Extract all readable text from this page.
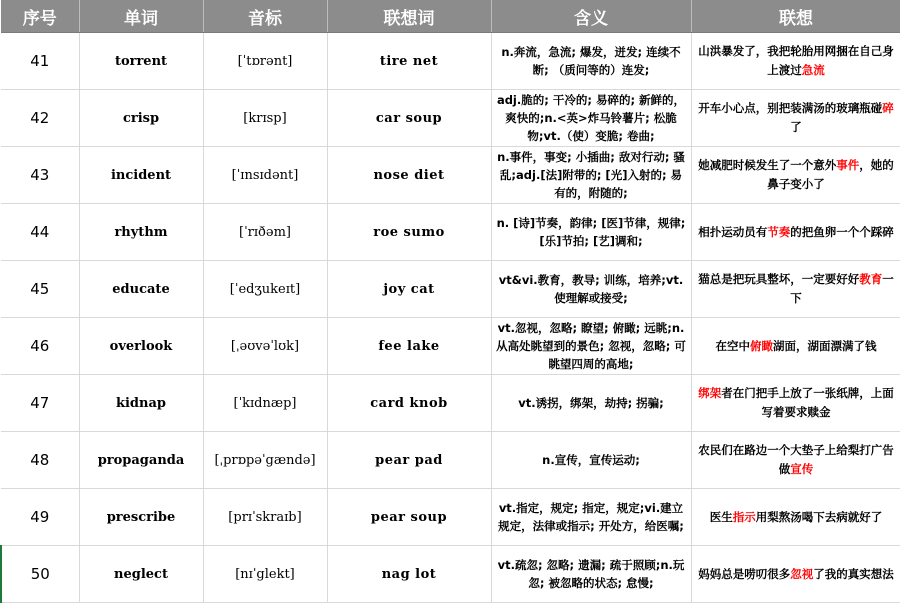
序号	单词	音标	联想词	含义	联想
41	torrent	[ˈtɒrənt]	tire net	n.奔流，急流; 爆发，迸发; 连续不断; （质问等的）连发;	山洪暴发了，我把轮胎用网捆在自己身上渡过急流
42	crisp	[krɪsp]	car soup	adj.脆的; 干冷的; 易碎的; 新鲜的，爽快的;n.<英>炸马铃薯片; 松脆物;vt.（使）变脆; 卷曲;	开车小心点，别把装满汤的玻璃瓶碰碎了
43	incident	[ˈɪnsɪdənt]	nose diet	n.事件，事变; 小插曲; 敌对行动; 骚乱;adj.[法]附带的; [光]入射的; 易有的，附随的;	她减肥时候发生了一个意外事件，她的鼻子变小了
44	rhythm	[ˈrɪðəm]	roe sumo	n. [诗]节奏，韵律; [医]节律，规律; [乐]节拍; [艺]调和;	相扑运动员有节奏的把鱼卵一个个踩碎
45	educate	[ˈedʒukeɪt]	joy cat	vt&vi.教育，教导; 训练，培养;vt.使理解或接受;	猫总是把玩具整坏，一定要好好教育一下
46	overlook	[ˌəʊvəˈlʊk]	fee lake	vt.忽视，忽略; 瞭望; 俯瞰; 远眺;n.从高处眺望到的景色; 忽视，忽略; 可眺望四周的高地;	在空中俯瞰湖面，湖面漂满了钱
47	kidnap	[ˈkɪdnæp]	card knob	vt.诱拐，绑架，劫持; 拐骗;	绑架者在门把手上放了一张纸牌，上面写着要求赎金
48	propaganda	[ˌprɒpəˈgændə]	pear pad	n.宣传，宣传运动;	农民们在路边一个大垫子上给梨打广告做宣传
49	prescribe	[prɪˈskraɪb]	pear soup	vt.指定，规定; 指定，规定;vi.建立规定，法律或指示; 开处方，给医嘱;	医生指示用梨熬汤喝下去病就好了
50	neglect	[nɪˈglekt]	nag lot	vt.疏忽; 忽略; 遗漏; 疏于照顾;n.玩忽; 被忽略的状态; 怠慢;	妈妈总是唠叨很多忽视了我的真实想法
